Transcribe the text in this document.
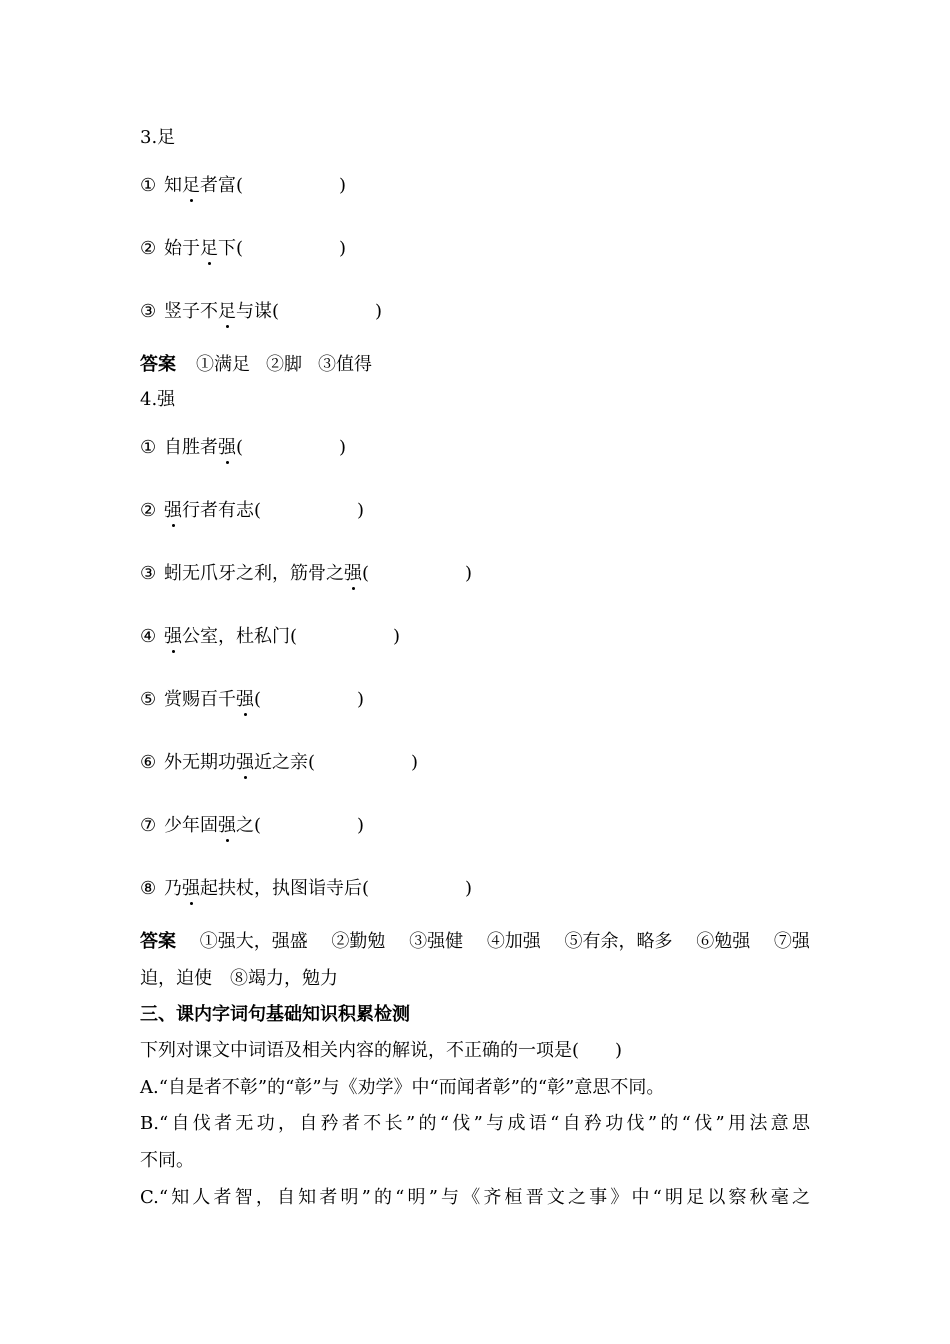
3.足
① 知足者富(	)
② 始于足下(	)
③ 竖子不足与谋(	)
答案 ①满足 ②脚 ③值得
4.强
① 自胜者强(	)
② 强行者有志(	)
③ 蚓无爪牙之利，筋骨之强(	)
④ 强公室，杜私门(	)
⑤ 赏赐百千强(	)
⑥ 外无期功强近之亲(	)
⑦ 少年固强之(	)
⑧ 乃强起扶杖，执图诣寺后(	)
答案 ①强大，强盛 ②勤勉 ③强健 ④加强 ⑤有余，略多 ⑥勉强 ⑦强
迫，迫使　⑧竭力，勉力
三、课内字词句基础知识积累检测
下列对课文中词语及相关内容的解说，不正确的一项是(　　)
A.“自是者不彰”的“彰”与《劝学》中“而闻者彰”的“彰”意思不同。
B.“自伐者无功，自矜者不长”的“伐”与成语“自矜功伐”的“伐”用法意思
不同。
C.“知人者智，自知者明”的“明”与《齐桓晋文之事》中“明足以察秋毫之
